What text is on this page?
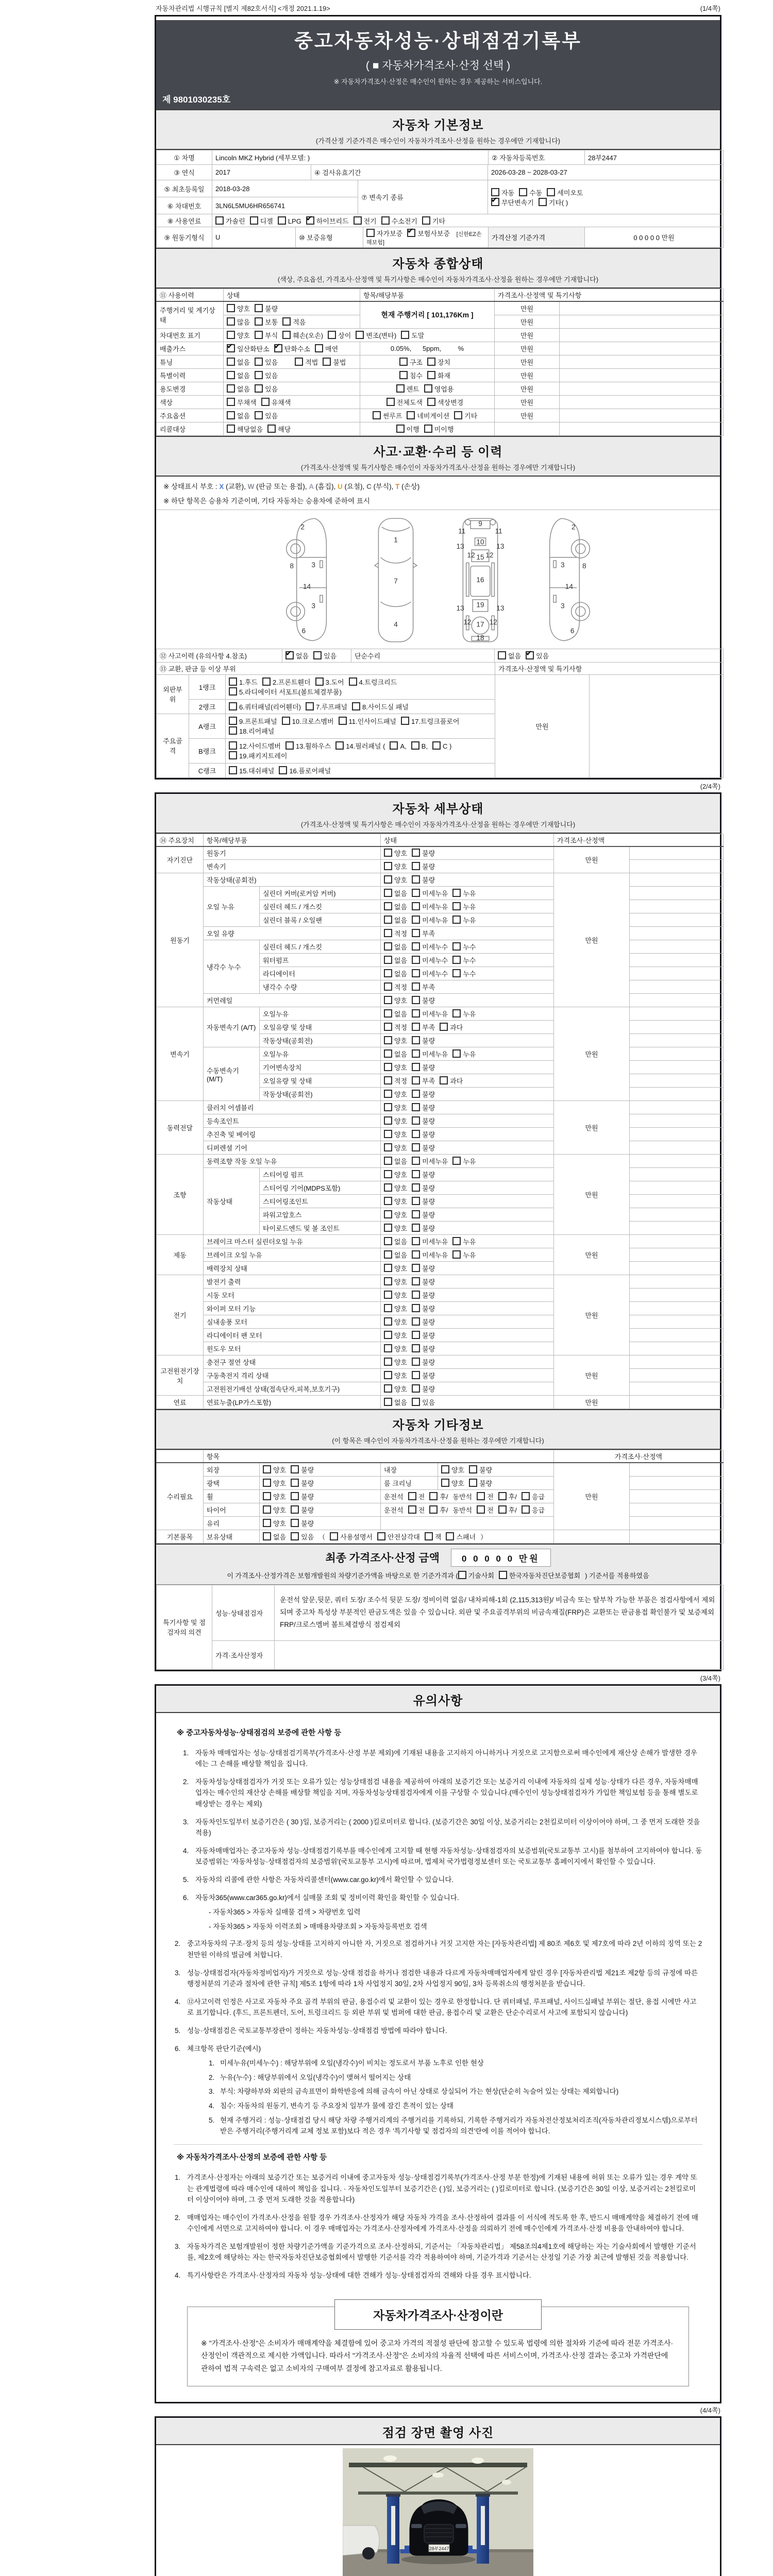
자동차관리법 시행규칙 [별지 제82호서식] <개정 2021.1.19>	(1/4쪽)
중고자동차성능·상태점검기록부
( ■ 자동차가격조사·산정 선택 )
※ 자동차가격조사·산정은 매수인이 원하는 경우 제공하는 서비스입니다.
제 9801030235호
자동차 기본정보
(가격산정 기준가격은 매수인이 자동차가격조사·산정을 원하는 경우에만 기재합니다)
① 차명	Lincoln MKZ Hybrid (세부모델: )	② 자동차등록번호	28부2447
③ 연식	2017	④ 검사유효기간	2026-03-28 ~ 2028-03-27
⑤ 최초등록일	2018-03-28	⑦ 변속기 종류	자동 수동 세미오토
✔무단변속기 기타( )
⑥ 차대번호	3LN6L5MU6HR656741		
⑧ 사용연료	가솔린 디젤 LPG ✔ 하이브리드 전기 수소전기 기타
⑨ 원동기형식	U	⑩ 보증유형	자가보증 ✔ 보험사보증 [신한EZ손해보험]	가격산정 기준가격	0 0 0 0 0 만원
자동차 종합상태
(색상, 주요옵션, 가격조사·산정액 및 특기사항은 매수인이 자동차가격조사·산정을 원하는 경우에만 기재합니다)
⑪ 사용이력	상태	항목/해당부품	가격조사·산정액 및 특기사항	
주행거리 및 계기상태	양호 불량	현재 주행거리 [ 101,176Km ]	만원	
	많음 보통 적음		만원	
차대번호 표기	양호 부식 훼손(오손) 상이 변조(변타) 도말		만원	
배출가스	✔일산화탄소 ✔ 탄화수소 매연	0.05%,      5ppm,         %	만원	
튜닝	없음 있음 적법 불법	구조 장치	만원	
특별이력	없음 있음	침수 화재	만원	
용도변경	없음 있음	렌트 영업용	만원	
색상	무채색 유채색	전체도색 색상변경	만원	
주요옵션	없음 있음	썬루프 네비게이션 기타	만원	
리콜대상	해당없음 해당	이행 미이행		
사고·교환·수리 등 이력
(가격조사·산정액 및 특기사항은 매수인이 자동차가격조사·산정을 원하는 경우에만 기재합니다)
※ 상태표시 부호 : X (교환), W (판금 또는 용접), A (흠집), U (요철), C (부식), T (손상)
※ 하단 항목은 승용차 기준이며, 기타 자동차는 승용차에 준하여 표시
2
8	3
14
3
6
1
7
4
9
11	11
10
13	13
12 12
15
16
19
13	13
12 17 12
18
2
8
3
14
3
6
⑫ 사고이력 (유의사항 4.참조)	✔없음 있음	단순수리	없음 ✔ 있음
⑬ 교환, 판금 등 이상 부위			가격조사·산정액 및 특기사항	
외판부위	1랭크	1.후드 2.프론트휀더 3.도어 4.트렁크리드
5.라디에이터 서포트(볼트체결부품)	만원	
	2랭크	6.쿼터패널(리어휀더) 7.루프패널 8.사이드실 패널		
주요골격	A랭크	9.프론트패널 10.크로스멤버 11.인사이드패널 17.트렁크플로어
18.리어패널		
	B랭크	12.사이드멤버 13.휠하우스 14.필러패널 ( A, B, C )
19.패키지트레이		
	C랭크	15.대쉬패널 16.플로어패널		
(2/4쪽)
자동차 세부상태
(가격조사·산정액 및 특기사항은 매수인이 자동차가격조사·산정을 원하는 경우에만 기재합니다)
⑭ 주요장치	항목/해당부품		상태	가격조사·산정액	
자기진단	원동기		양호 불량	만원	
	변속기		양호 불량		
원동기	작동상태(공회전)		양호 불량	만원	
	오일 누유	실린더 커버(로커암 커버)	없음 미세누유 누유		
		실린더 헤드 / 개스킷	없음 미세누유 누유		
		실린더 블록 / 오일팬	없음 미세누유 누유		
	오일 유량		적정 부족		
	냉각수 누수	실린더 헤드 / 개스킷	없음 미세누수 누수		
		워터펌프	없음 미세누수 누수		
		라디에이터	없음 미세누수 누수		
		냉각수 수량	적정 부족		
	커먼레일		양호 불량		
변속기	자동변속기 (A/T)	오일누유	없음 미세누유 누유	만원	
		오일유량 및 상태	적정 부족 과다		
		작동상태(공회전)	양호 불량		
	수동변속기 (M/T)	오일누유	없음 미세누유 누유		
		기어변속장치	양호 불량		
		오일유량 및 상태	적정 부족 과다		
		작동상태(공회전)	양호 불량		
동력전달	클러치 어셈블리		양호 불량	만원	
	등속조인트		양호 불량		
	추진축 및 베어링		양호 불량		
	디퍼렌셜 기어		양호 불량		
조향	동력조향 작동 오일 누유		없음 미세누유 누유	만원	
	작동상태	스티어링 펌프	양호 불량		
		스티어링 기어(MDPS포함)	양호 불량		
		스티어링조인트	양호 불량		
		파워고압호스	양호 불량		
		타이로드엔드 및 볼 조인트	양호 불량		
제동	브레이크 마스터 실린더오일 누유		없음 미세누유 누유	만원	
	브레이크 오일 누유		없음 미세누유 누유		
	배력장치 상태		양호 불량		
전기	발전기 출력		양호 불량	만원	
	시동 모터		양호 불량		
	와이퍼 모터 기능		양호 불량		
	실내송풍 모터		양호 불량		
	라디에이터 팬 모터		양호 불량		
	윈도우 모터		양호 불량		
고전원전기장치	충전구 절연 상태		양호 불량	만원	
	구동축전지 격리 상태		양호 불량		
	고전원전기배선 상태(접속단자,피복,보호기구)		양호 불량		
연료	연료누출(LP가스포함)		없음 있음	만원	
자동차 기타정보
(이 항목은 매수인이 자동차가격조사·산정을 원하는 경우에만 기재합니다)
	항목				가격조사·산정액	
수리필요	외장	양호 불량	내장	양호 불량	만원	
	광택	양호 불량	룸 크리닝	양호 불량		
	휠	양호 불량	운전석 전 후/ 동반석 전 후/ 응급			
	타이어	양호 불량	운전석 전 후/ 동반석 전 후/ 응급			
	유리	양호 불량				
기본품목	보유상태	없음 있음 （ 사용설명서 안전삼각대 잭 스패너 ）				
최종 가격조사·산정 금액	0 0 0 0 0 만원
이 가격조사·산정가격은 보험개발원의 차량기준가액을 바탕으로 한 기준가격과 ( 기술사회 한국자동차진단보증협회 ) 기준서를 적용하였음
특기사항 및 점검자의 의견	성능·상태점검자	운전석 앞문,뒷문, 쿼터 도장/ 조수석 뒷문 도장/ 정비이력 없음/ 내차피해-1회 (2,115,313원)/ 비금속 또는 탈부착 가능한 부품은 점검사항에서 제외되며 중고차 특성상 부분적인 판금도색은 있을 수 있습니다. 외판 및 주요골격부위의 비금속재질(FRP)은 교환또는 판금용접 확인불가 및 보증제외 FRP/크로스멤버 볼트체결방식 점검제외
	가격·조사산정자	
(3/4쪽)
유의사항
※ 중고자동차성능·상태점검의 보증에 관한 사항 등
1. 자동차 매매업자는 성능·상태점검기록부(가격조사·산정 부분 제외)에 기재된 내용을 고지하지 아니하거나 거짓으로 고지함으로써 매수인에게 재산상 손해가 발생한 경우에는 그 손해를 배상할 책임을 집니다.
2. 자동차성능상태점검자가 거짓 또는 오류가 있는 성능상태점검 내용을 제공하여 아래의 보증기간 또는 보증거리 이내에 자동차의 실제 성능·상태가 다른 경우, 자동차매매업자는 매수인의 재산상 손해를 배상할 책임을 지며, 자동차성능상태점검자에게 이를 구상할 수 있습니다.(매수인이 성능상태점검자가 가입한 책임보험 등을 통해 별도로 배상받는 경우는 제외)
3. 자동차인도일부터 보증기간은 ( 30 )일, 보증거리는 ( 2000 )킬로미터로 합니다. (보증기간은 30일 이상, 보증거리는 2천킬로미터 이상이어야 하며, 그 중 먼저 도래한 것을 적용)
4. 자동차매매업자는 중고자동차 성능·상태점검기록부를 매수인에게 고지할 때 현행 자동차성능·상태점검자의 보증범위(국토교통부 고시)를 첨부하여 고지하여야 합니다. 동 보증범위는 '자동차성능·상태점검자의 보증범위'(국토교통부 고시)에 따르며, 법제처 국가법령정보센터 또는 국토교통부 홈페이지에서 확인할 수 있습니다.
5. 자동차의 리콜에 관한 사항은 자동차리콜센터(www.car.go.kr)에서 확인할 수 있습니다.
6. 자동차365(www.car365.go.kr)에서 실매물 조회 및 정비이력 확인을 확인할 수 있습니다.
- 자동차365 > 자동차 실매물 검색 > 차량번호 입력
- 자동차365 > 자동차 이력조회 > 매매용차량조회 > 자동차등록번호 검색
2. 중고자동차의 구조·장치 등의 성능·상태를 고지하지 아니한 자, 거짓으로 점검하거나 거짓 고지한 자는 [자동차관리법] 제 80조 제6호 및 제7호에 따라 2년 이하의 징역 또는 2천만원 이하의 벌금에 처합니다.
3. 성능·상태점검자(자동차정비업자)가 거짓으로 성능·상태 점검을 하거나 점검한 내용과 다르게 자동차매매업자에게 알린 경우 [자동차관리법 제21조 제2항 등의 규정에 따른 행정처분의 기준과 절차에 관한 규칙] 제5조 1항에 따라 1차 사업정지 30일, 2차 사업정지 90일, 3차 등록취소의 행정처분을 받습니다.
4. ⑫사고이력 인정은 사고로 자동차 주요 골격 부위의 판금, 용접수리 및 교환이 있는 경우로 한정합니다. 단 쿼터패널, 루프패널, 사이드실패널 부위는 절단, 용접 시에만 사고로 표기합니다. (후드, 프론트펜더, 도어, 트렁크리드 등 외판 부위 및 범퍼에 대한 판금, 용접수리 및 교환은 단순수리로서 사고에 포함되지 않습니다)
5. 성능·상태점검은 국토교통부장관이 정하는 자동차성능·상태점검 방법에 따라야 합니다.
6. 체크항목 판단기준(예시)
1. 미세누유(미세누수) : 해당부위에 오일(냉각수)이 비치는 정도로서 부품 노후로 인한 현상
2. 누유(누수) : 해당부위에서 오일(냉각수)이 맺혀서 떨어지는 상태
3. 부식: 차량하부와 외판의 금속표면이 화학반응에 의해 금속이 아닌 상태로 상실되어 가는 현상(단순히 녹슬어 있는 상태는 제외합니다)
4. 침수: 자동차의 원동기, 변속기 등 주요장치 일부가 물에 잠긴 흔적이 있는 상태
5. 현재 주행거리 : 성능·상태점검 당시 해당 차량 주행거리계의 주행거리를 기록하되, 기록한 주행거리가 자동차전산정보처리조직(자동차관리정보시스템)으로부터 받은 주행거리(주행거리계 교체 정보 포함)보다 적은 경우 '특기사항 및 점검자의 의견'란에 이를 적어야 합니다.
※ 자동차가격조사·산정의 보증에 관한 사항 등
1. 가격조사·산정자는 아래의 보증기간 또는 보증거리 이내에 중고자동차 성능·상태점검기록부(가격조사·산정 부분 한정)에 기재된 내용에 허위 또는 오류가 있는 경우 계약 또는 관계법령에 따라 매수인에 대하여 책임을 집니다. · 자동차인도일부터 보증기간은 ( )일, 보증거리는 ( )킬로미터로 합니다. (보증기간은 30일 이상, 보증거리는 2천킬로미터 이상이어야 하며, 그 중 먼저 도래한 것을 적용합니다)
2. 매매업자는 매수인이 가격조사·산정을 원할 경우 가격조사·산정자가 해당 자동차 가격을 조사·산정하여 결과를 이 서식에 적도록 한 후, 반드시 매매계약을 체결하기 전에 매수인에게 서면으로 고지하여야 합니다. 이 경우 매매업자는 가격조사·산정자에게 가격조사·산정을 의뢰하기 전에 매수인에게 가격조사·산정 비용을 안내하여야 합니다.
3. 자동차가격은 보험개발원이 정한 차량기준가액을 기준가격으로 조사·산정하되, 기준서는 「자동차관리법」 제58조의4제1호에 해당하는 자는 기술사회에서 발행한 기준서를, 제2호에 해당하는 자는 한국자동차진단보증협회에서 발행한 기준서를 각각 적용하여야 하며, 기준가격과 기준서는 산정일 기준 가장 최근에 발행된 것을 적용합니다.
4. 특기사항란은 가격조사·산정자의 자동차 성능·상태에 대한 견해가 성능·상태점검자의 견해와 다를 경우 표시합니다.
자동차가격조사·산정이란
※ "가격조사·산정"은 소비자가 매매계약을 체결함에 있어 중고차 가격의 적절성 판단에 참고할 수 있도록 법령에 의한 절차와 기준에 따라 전문 가격조사·산정인이 객관적으로 제시한 가액입니다. 따라서 "가격조사·산정"은 소비자의 자율적 선택에 따른 서비스이며, 가격조사·산정 결과는 중고차 가격판단에 관하여 법적 구속력은 없고 소비자의 구매여부 결정에 참고자료로 활용됩니다.
(4/4쪽)
점검 장면 촬영 사진
28부2447
